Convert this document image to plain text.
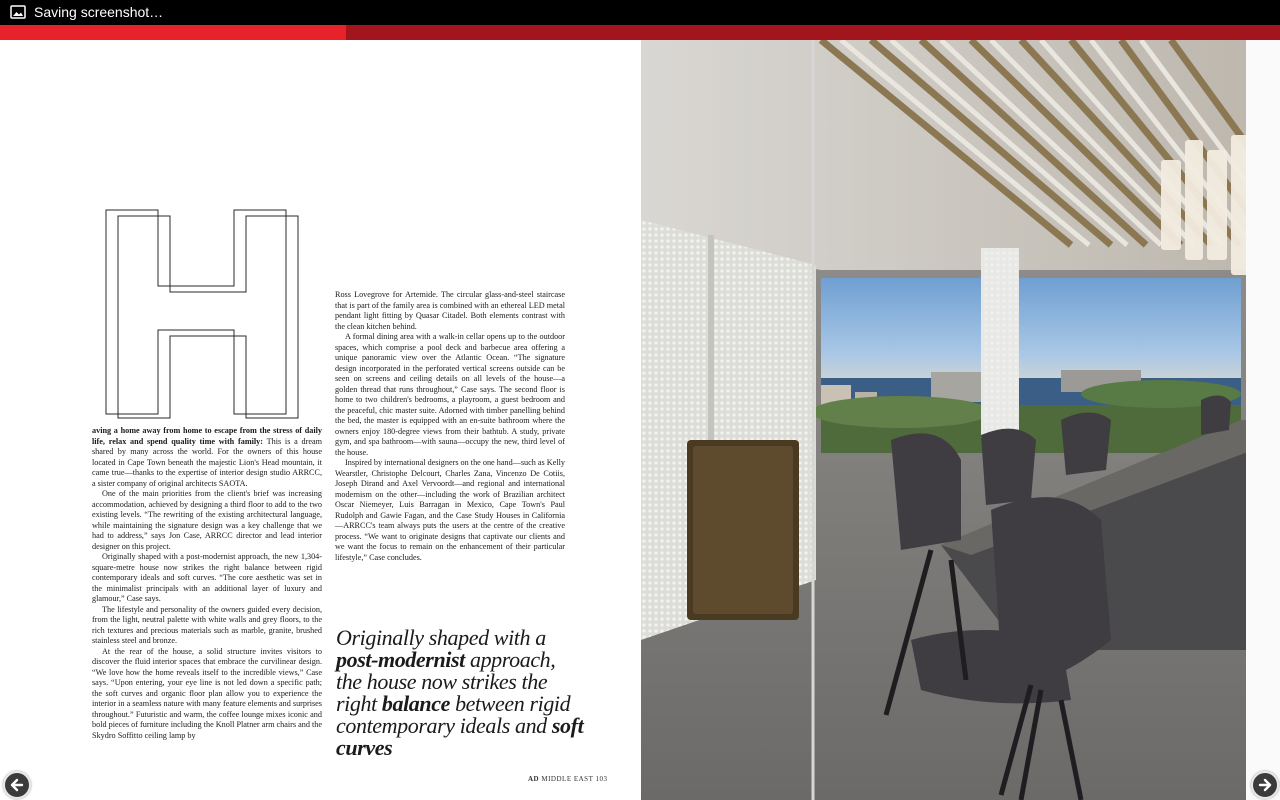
Saving screenshot…

aving a home away from home to escape from the stress of daily life, relax and spend quality time with family: This is a dream shared by many across the world. For the owners of this house located in Cape Town beneath the majestic Lion's Head mountain, it came true—thanks to the expertise of interior design studio ARRCC, a sister company of original architects SAOTA.

One of the main priorities from the client's brief was increasing accommodation, achieved by designing a third floor to add to the two existing levels. “The rewriting of the existing architectural language, while maintaining the signature design was a key challenge that we had to address,” says Jon Case, ARRCC director and lead interior designer on this project.

Originally shaped with a post-modernist approach, the new 1,304-square-metre house now strikes the right balance between rigid contemporary ideals and soft curves. “The core aesthetic was set in the minimalist principals with an additional layer of luxury and glamour,” Case says.

The lifestyle and personality of the owners guided every decision, from the light, neutral palette with white walls and grey floors, to the rich textures and precious materials such as marble, granite, brushed stainless steel and bronze.

At the rear of the house, a solid structure invites visitors to discover the fluid interior spaces that embrace the curvilinear design. “We love how the home reveals itself to the incredible views,” Case says. “Upon entering, your eye line is not led down a specific path; the soft curves and organic floor plan allow you to experience the interior in a seamless nature with many feature elements and surprises throughout.” Futuristic and warm, the coffee lounge mixes iconic and bold pieces of furniture including the Knoll Platner arm chairs and the Skydro Soffitto ceiling lamp by

Ross Lovegrove for Artemide. The circular glass-and-steel staircase that is part of the family area is combined with an ethereal LED metal pendant light fitting by Quasar Citadel. Both elements contrast with the clean kitchen behind.

A formal dining area with a walk-in cellar opens up to the outdoor spaces, which comprise a pool deck and barbecue area offering a unique panoramic view over the Atlantic Ocean. “The signature design incorporated in the perforated vertical screens outside can be seen on screens and ceiling details on all levels of the house—a golden thread that runs throughout,” Case says. The second floor is home to two children's bedrooms, a playroom, a guest bedroom and the peaceful, chic master suite. Adorned with timber panelling behind the bed, the master is equipped with an en-suite bathroom where the owners enjoy 180-degree views from their bathtub. A study, private gym, and spa bathroom—with sauna—occupy the new, third level of the house.

Inspired by international designers on the one hand—such as Kelly Wearstler, Christophe Delcourt, Charles Zana, Vincenzo De Cotiis, Joseph Dirand and Axel Vervoordt—and regional and international modernism on the other—including the work of Brazilian architect Oscar Niemeyer, Luis Barragan in Mexico, Cape Town's Paul Rudolph and Gawie Fagan, and the Case Study Houses in California—ARRCC's team always puts the users at the centre of the creative process. “We want to originate designs that captivate our clients and we want the focus to remain on the enhancement of their particular lifestyle,” Case concludes.

Originally shaped with a post-modernist approach, the house now strikes the right balance between rigid contemporary ideals and soft curves
AD MIDDLE EAST 103
